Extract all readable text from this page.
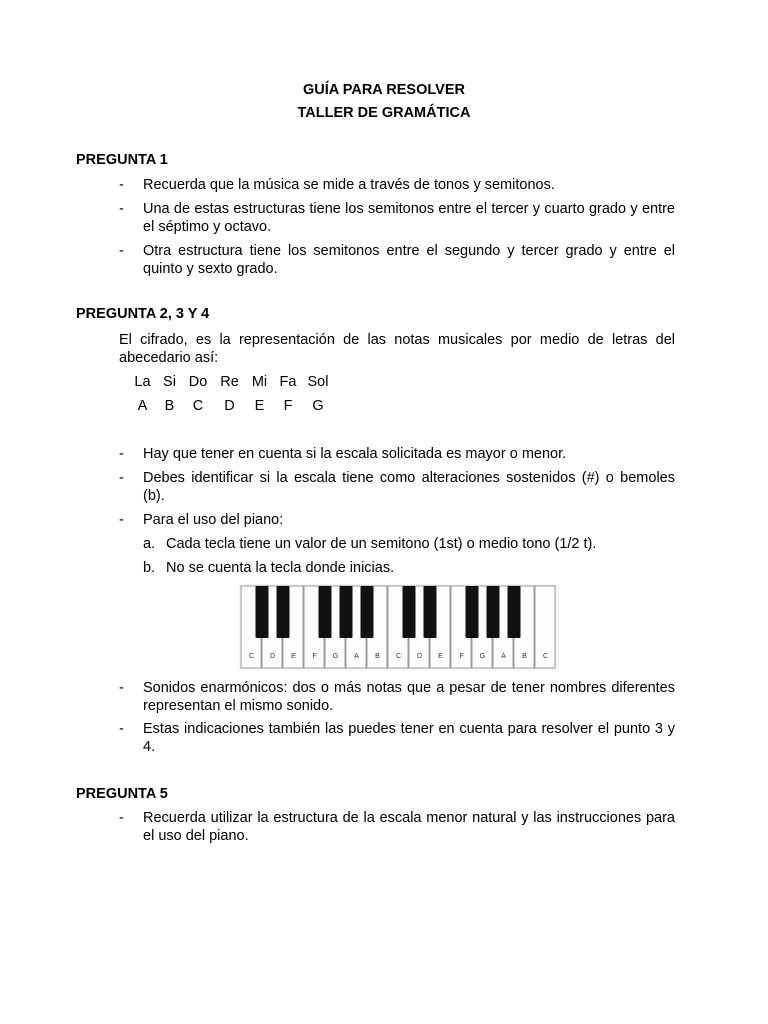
GUÍA PARA RESOLVER
TALLER DE GRAMÁTICA
PREGUNTA 1
- Recuerda que la música se mide a través de tonos y semitonos.
- Una de estas estructuras tiene los semitonos entre el tercer y cuarto grado y entre el séptimo y octavo.
- Otra estructura tiene los semitonos entre el segundo y tercer grado y entre el quinto y sexto grado.
PREGUNTA 2, 3 Y 4
El cifrado, es la representación de las notas musicales por medio de letras del abecedario así:
La Si Do Re Mi Fa Sol
A	B	C	D	E	F	G
- Hay que tener en cuenta si la escala solicitada es mayor o menor.
- Debes identificar si la escala tiene como alteraciones sostenidos (#) o bemoles (b).
- Para el uso del piano:
a. Cada tecla tiene un valor de un semitono (1st) o medio tono (1/2 t).
b. No se cuenta la tecla donde inicias.
C D E F G A B C D E F G A B C
- Sonidos enarmónicos: dos o más notas que a pesar de tener nombres diferentes representan el mismo sonido.
- Estas indicaciones también las puedes tener en cuenta para resolver el punto 3 y 4.
PREGUNTA 5
- Recuerda utilizar la estructura de la escala menor natural y las instrucciones para el uso del piano.
